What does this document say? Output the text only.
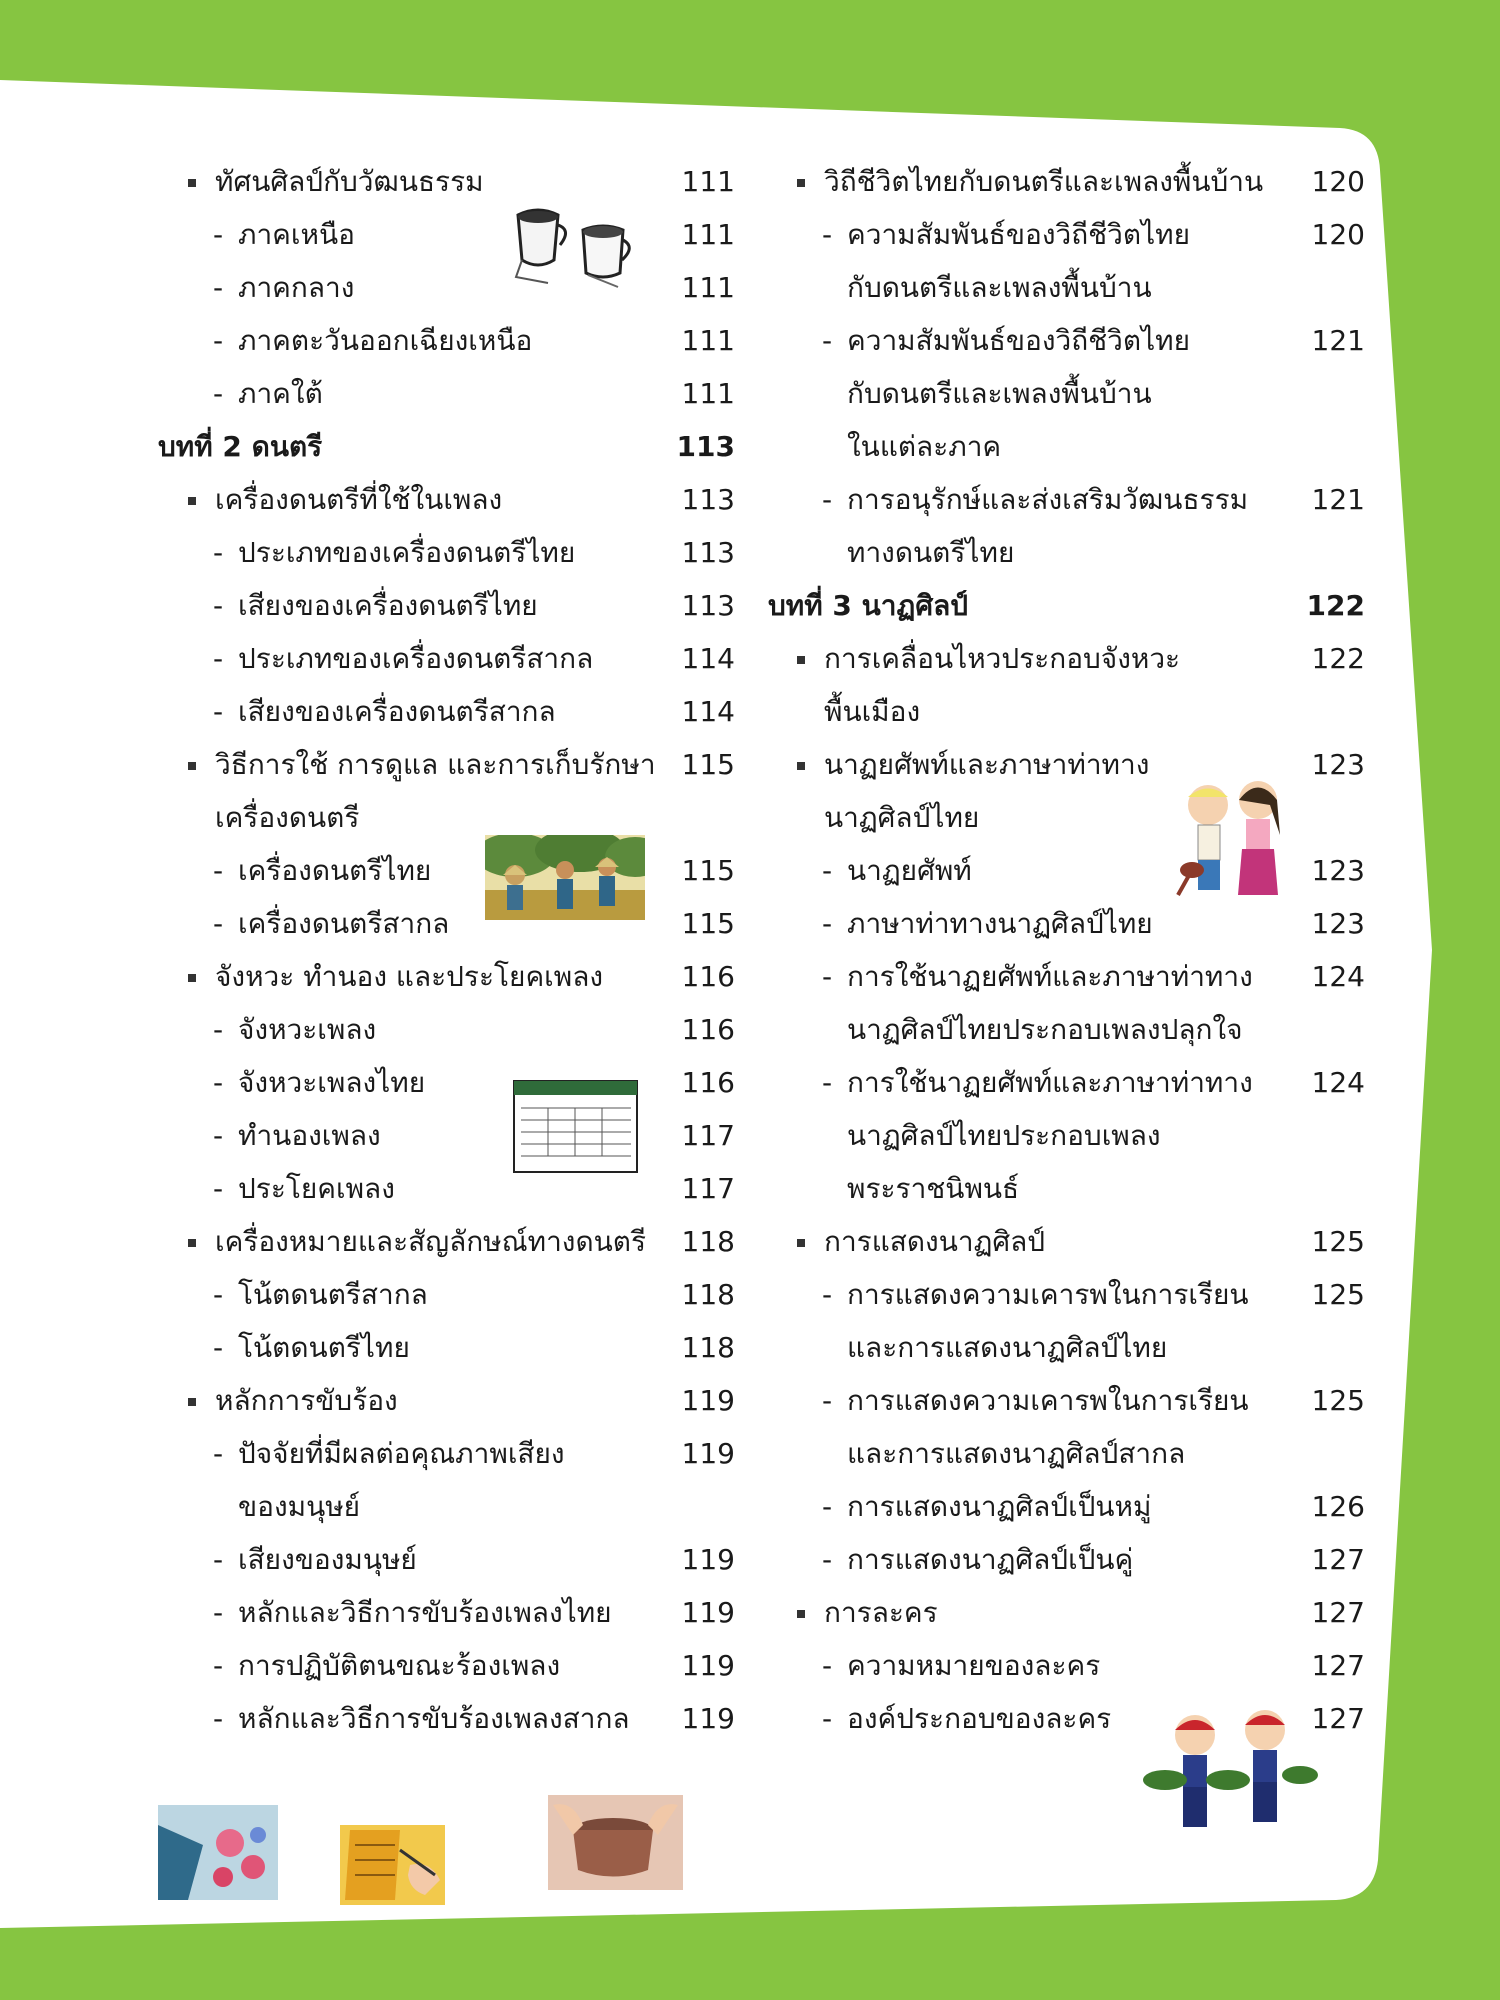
ทัศนศิลป์กับวัฒนธรรม	111
- ภาคเหนือ	111
- ภาคกลาง	111
- ภาคตะวันออกเฉียงเหนือ	111
- ภาคใต้	111
บทที่ 2 ดนตรี	113
เครื่องดนตรีที่ใช้ในเพลง	113
- ประเภทของเครื่องดนตรีไทย	113
- เสียงของเครื่องดนตรีไทย	113
- ประเภทของเครื่องดนตรีสากล	114
- เสียงของเครื่องดนตรีสากล	114
วิธีการใช้ การดูแล และการเก็บรักษา 115
เครื่องดนตรี
- เครื่องดนตรีไทย	115
- เครื่องดนตรีสากล	115
จังหวะ ทำนอง และประโยคเพลง	116
- จังหวะเพลง	116
- จังหวะเพลงไทย	116
- ทำนองเพลง	117
- ประโยคเพลง	117
เครื่องหมายและสัญลักษณ์ทางดนตรี 118
- โน้ตดนตรีสากล	118
- โน้ตดนตรีไทย	118
หลักการขับร้อง	119
- ปัจจัยที่มีผลต่อคุณภาพเสียง	119
ของมนุษย์
- เสียงของมนุษย์	119
- หลักและวิธีการขับร้องเพลงไทย 119
- การปฏิบัติตนขณะร้องเพลง	119
- หลักและวิธีการขับร้องเพลงสากล 119
วิถีชีวิตไทยกับดนตรีและเพลงพื้นบ้าน 120
- ความสัมพันธ์ของวิถีชีวิตไทย	120
กับดนตรีและเพลงพื้นบ้าน
- ความสัมพันธ์ของวิถีชีวิตไทย	121
กับดนตรีและเพลงพื้นบ้าน
ในแต่ละภาค
- การอนุรักษ์และส่งเสริมวัฒนธรรม 121
ทางดนตรีไทย
บทที่ 3 นาฏศิลป์	122
การเคลื่อนไหวประกอบจังหวะ	122
พื้นเมือง
นาฏยศัพท์และภาษาท่าทาง	123
นาฏศิลป์ไทย
- นาฏยศัพท์	123
- ภาษาท่าทางนาฏศิลป์ไทย	123
- การใช้นาฏยศัพท์และภาษาท่าทาง 124
นาฏศิลป์ไทยประกอบเพลงปลุกใจ
- การใช้นาฏยศัพท์และภาษาท่าทาง 124
นาฏศิลป์ไทยประกอบเพลง
พระราชนิพนธ์
การแสดงนาฏศิลป์	125
- การแสดงความเคารพในการเรียน 125
และการแสดงนาฏศิลป์ไทย
- การแสดงความเคารพในการเรียน 125
และการแสดงนาฏศิลป์สากล
- การแสดงนาฏศิลป์เป็นหมู่	126
- การแสดงนาฏศิลป์เป็นคู่	127
การละคร	127
- ความหมายของละคร	127
- องค์ประกอบของละคร	127
